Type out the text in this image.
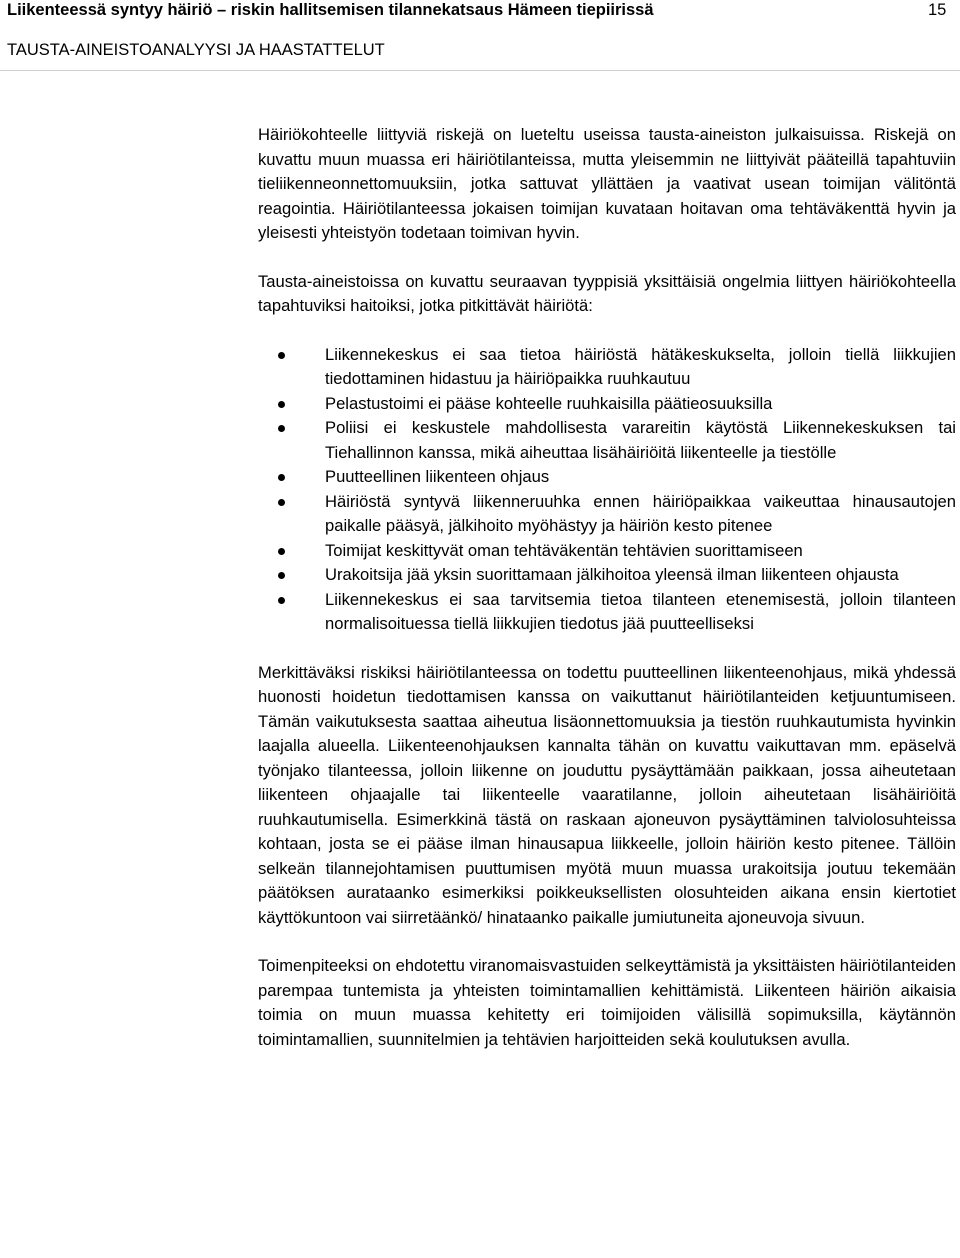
Liikenteessä syntyy häiriö – riskin hallitsemisen tilannekatsaus Hämeen tiepiirissä
TAUSTA-AINEISTOANALYYSI JA HAASTATTELUT
15

Häiriökohteelle liittyviä riskejä on lueteltu useissa tausta-aineiston julkaisuissa. Riskejä on kuvattu muun muassa eri häiriötilanteissa, mutta yleisemmin ne liittyivät pääteillä tapahtuviin tieliikenneonnettomuuksiin, jotka sattuvat yllättäen ja vaativat usean toimijan välitöntä reagointia. Häiriötilanteessa jokaisen toimijan kuvataan hoitavan oma tehtäväkenttä hyvin ja yleisesti yhteistyön todetaan toimivan hyvin.

Tausta-aineistoissa on kuvattu seuraavan tyyppisiä yksittäisiä ongelmia liittyen häiriökohteella tapahtuviksi haitoiksi, jotka pitkittävät häiriötä:

Liikennekeskus ei saa tietoa häiriöstä hätäkeskukselta, jolloin tiellä liikkujien tiedottaminen hidastuu ja häiriöpaikka ruuhkautuu
Pelastustoimi ei pääse kohteelle ruuhkaisilla päätieosuuksilla
Poliisi ei keskustele mahdollisesta varareitin käytöstä Liikennekeskuksen tai Tiehallinnon kanssa, mikä aiheuttaa lisähäiriöitä liikenteelle ja tiestölle
Puutteellinen liikenteen ohjaus
Häiriöstä syntyvä liikenneruuhka ennen häiriöpaikkaa vaikeuttaa hinausautojen paikalle pääsyä, jälkihoito myöhästyy ja häiriön kesto pitenee
Toimijat keskittyvät oman tehtäväkentän tehtävien suorittamiseen
Urakoitsija jää yksin suorittamaan jälkihoitoa yleensä ilman liikenteen ohjausta
Liikennekeskus ei saa tarvitsemia tietoa tilanteen etenemisestä, jolloin tilanteen normalisoituessa tiellä liikkujien tiedotus jää puutteelliseksi

Merkittäväksi riskiksi häiriötilanteessa on todettu puutteellinen liikenteenohjaus, mikä yhdessä huonosti hoidetun tiedottamisen kanssa on vaikuttanut häiriötilanteiden ketjuuntumiseen. Tämän vaikutuksesta saattaa aiheutua lisäonnettomuuksia ja tiestön ruuhkautumista hyvinkin laajalla alueella. Liikenteenohjauksen kannalta tähän on kuvattu vaikuttavan mm. epäselvä työnjako tilanteessa, jolloin liikenne on jouduttu pysäyttämään paikkaan, jossa aiheutetaan liikenteen ohjaajalle tai liikenteelle vaaratilanne, jolloin aiheutetaan lisähäiriöitä ruuhkautumisella. Esimerkkinä tästä on raskaan ajoneuvon pysäyttäminen talviolosuhteissa kohtaan, josta se ei pääse ilman hinausapua liikkeelle, jolloin häiriön kesto pitenee. Tällöin selkeän tilannejohtamisen puuttumisen myötä muun muassa urakoitsija joutuu tekemään päätöksen aurataanko esimerkiksi poikkeuksellisten olosuhteiden aikana ensin kiertotiet käyttökuntoon vai siirretäänkö/ hinataanko paikalle jumiutuneita ajoneuvoja sivuun.

Toimenpiteeksi on ehdotettu viranomaisvastuiden selkeyttämistä ja yksittäisten häiriötilanteiden parempaa tuntemista ja yhteisten toimintamallien kehittämistä. Liikenteen häiriön aikaisia toimia on muun muassa kehitetty eri toimijoiden välisillä sopimuksilla, käytännön toimintamallien, suunnitelmien ja tehtävien harjoitteiden sekä koulutuksen avulla.
